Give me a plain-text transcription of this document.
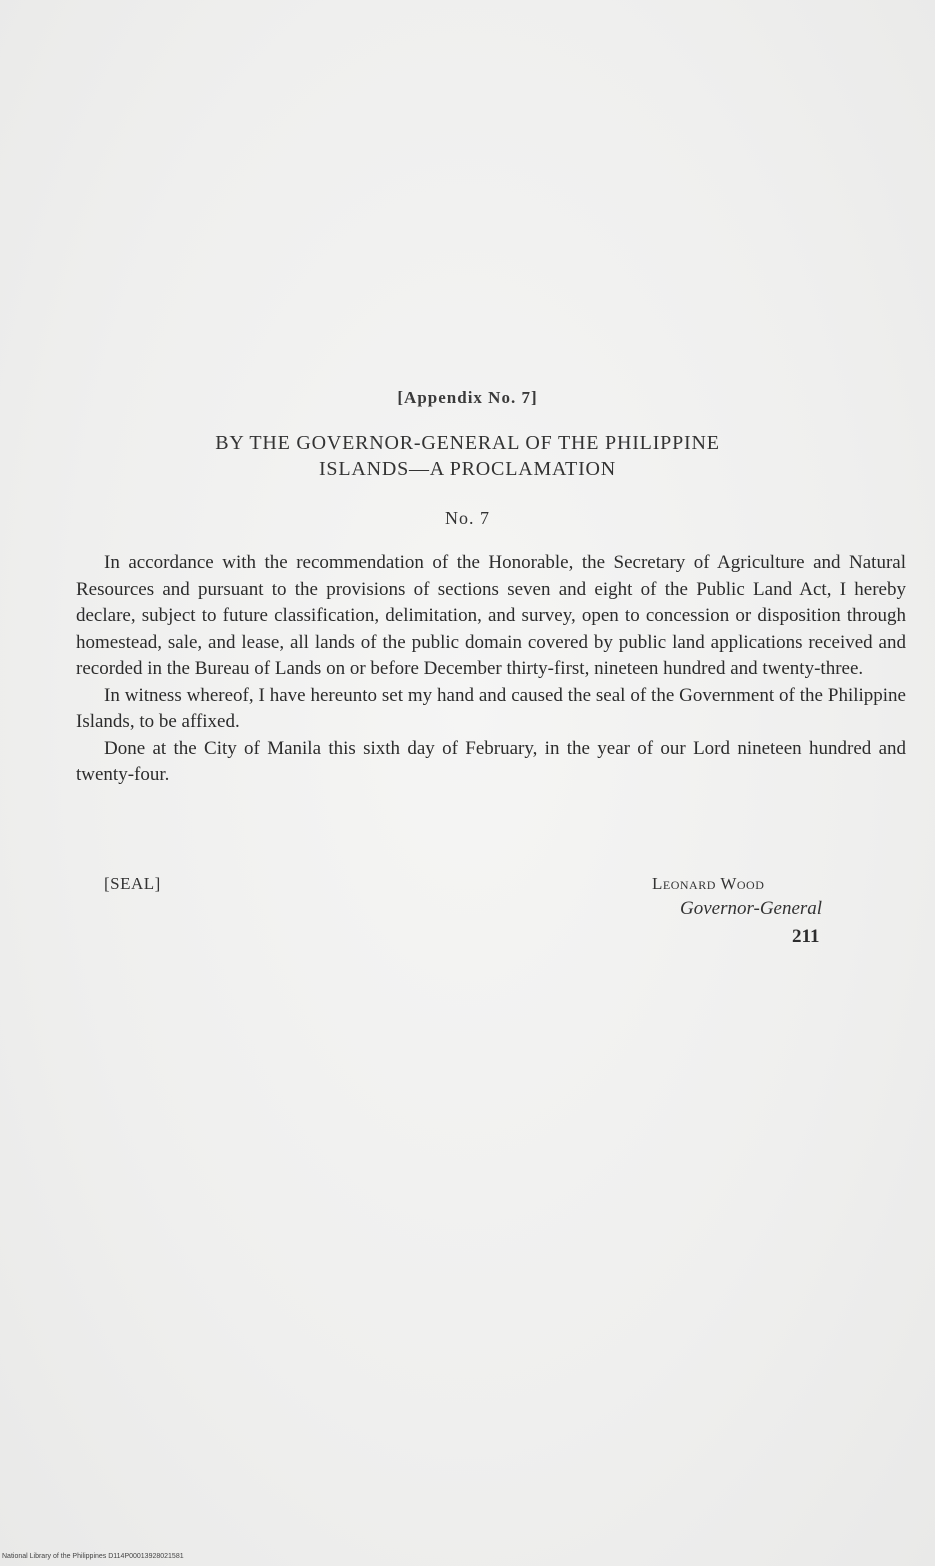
[Appendix No. 7]
BY THE GOVERNOR-GENERAL OF THE PHILIPPINE
ISLANDS—A PROCLAMATION
No. 7

In accordance with the recommendation of the Honorable, the Secretary of Agriculture and Natural Resources and pursuant to the provisions of sections seven and eight of the Public Land Act, I hereby declare, subject to future classification, delimitation, and survey, open to concession or disposition through homestead, sale, and lease, all lands of the public domain covered by public land applications received and recorded in the Bureau of Lands on or before December thirty-first, nineteen hundred and twenty-three.

In witness whereof, I have hereunto set my hand and caused the seal of the Government of the Philippine Islands, to be affixed.

Done at the City of Manila this sixth day of February, in the year of our Lord nineteen hundred and twenty-four.

[SEAL]	Leonard Wood
Governor-General
211
National Library of the Philippines D114P00013928021581
